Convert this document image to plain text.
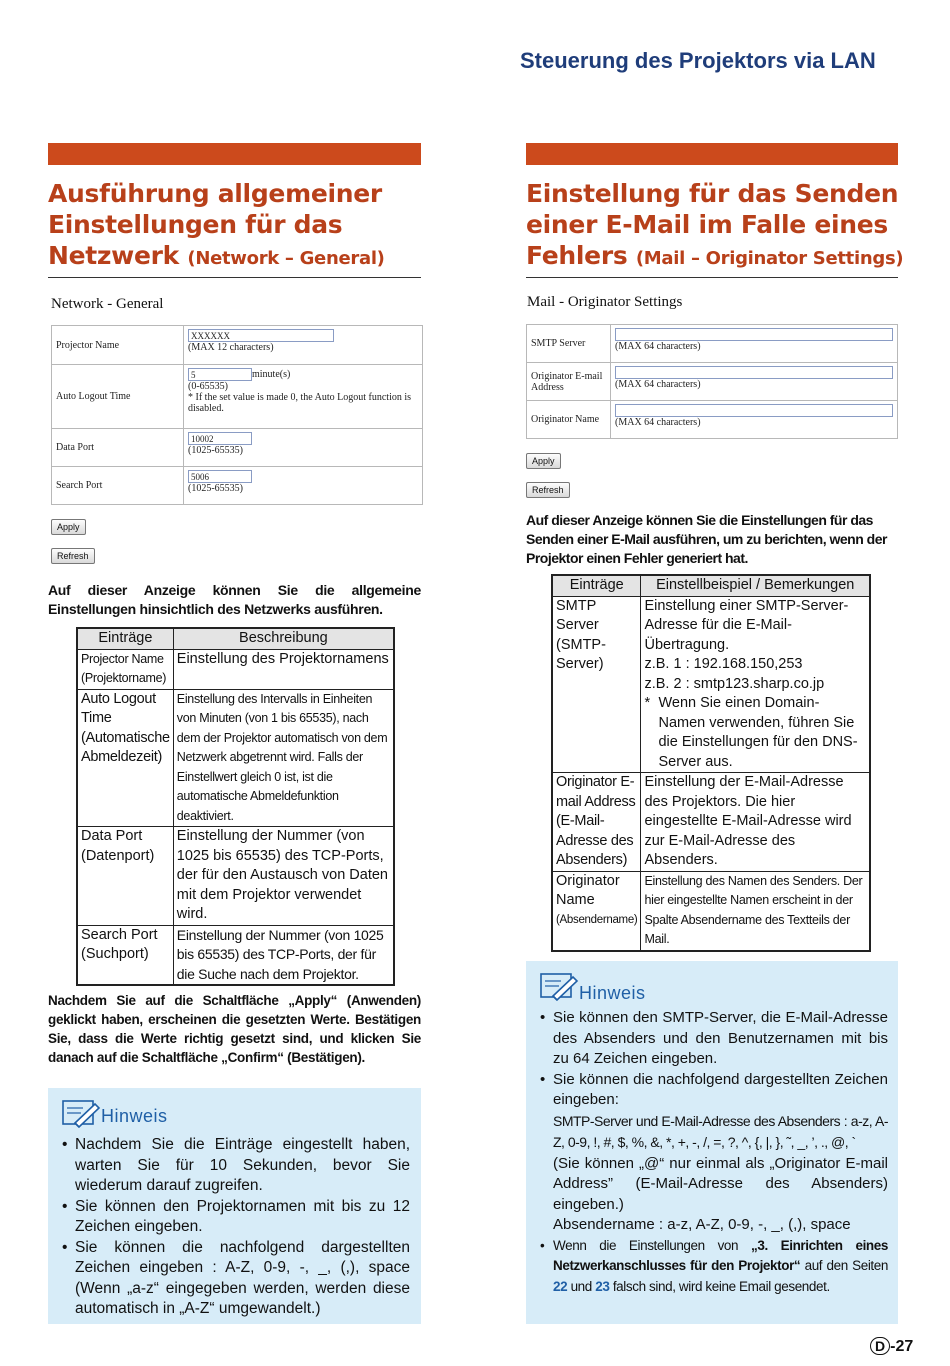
Steuerung des Projektors via LAN
Ausführung allgemeiner Einstellungen für das Netzwerk (Network – General)
Network - General
Projector Name	XXXXXX
(MAX 12 characters)
Auto Logout Time	5 minute(s)
(0-65535)
* If the set value is made 0, the Auto Logout function is disabled.
Data Port	10002
(1025-65535)
Search Port	5006
(1025-65535)
Apply
Refresh
Auf dieser Anzeige können Sie die allgemeine Einstellungen hinsichtlich des Netzwerks ausführen.
Einträge	Beschreibung
Projector Name (Projektorname)	Einstellung des Projektornamens
Auto Logout Time (Automatische Abmeldezeit)	Einstellung des Intervalls in Einheiten von Minuten (von 1 bis 65535), nach dem der Projektor automatisch von dem Netzwerk abgetrennt wird. Falls der Einstellwert gleich 0 ist, ist die automatische Abmeldefunktion deaktiviert.
Data Port (Datenport)	Einstellung der Nummer (von 1025 bis 65535) des TCP-Ports, der für den Austausch von Daten mit dem Projektor verwendet wird.
Search Port (Suchport)	Einstellung der Nummer (von 1025 bis 65535) des TCP-Ports, der für die Suche nach dem Projektor.
Nachdem Sie auf die Schaltfläche „Apply“ (Anwenden) geklickt haben, erscheinen die gesetzten Werte. Bestätigen Sie, dass die Werte richtig gesetzt sind, und klicken Sie danach auf die Schaltfläche „Confirm“ (Bestätigen).
Hinweis
• Nachdem Sie die Einträge eingestellt haben, warten Sie für 10 Sekunden, bevor Sie wiederum darauf zugreifen.
• Sie können den Projektornamen mit bis zu 12 Zeichen eingeben.
• Sie können die nachfolgend dargestellten Zeichen eingeben : A-Z, 0-9, -, _, (,), space (Wenn „a-z“ eingegeben werden, werden diese automatisch in „A-Z“ umgewandelt.)
Einstellung für das Senden einer E-Mail im Falle eines Fehlers (Mail – Originator Settings)
Mail - Originator Settings
SMTP Server	(MAX 64 characters)
Originator E-mail Address	(MAX 64 characters)
Originator Name	(MAX 64 characters)
Apply
Refresh
Auf dieser Anzeige können Sie die Einstellungen für das Senden einer E-Mail ausführen, um zu berichten, wenn der Projektor einen Fehler generiert hat.
Einträge	Einstellbeispiel / Bemerkungen
SMTP Server (SMTP-Server)	Einstellung einer SMTP-Server-Adresse für die E-Mail-Übertragung.
z.B. 1 : 192.168.150,253
z.B. 2 : smtp123.sharp.co.jp
* Wenn Sie einen Domain-Namen verwenden, führen Sie die Einstellungen für den DNS-Server aus.

Originator E-mail Address (E-Mail-Adresse des Absenders)	Einstellung der E-Mail-Adresse des Projektors. Die hier eingestellte E-Mail-Adresse wird zur E-Mail-Adresse des Absenders.

Originator Name
(Absendername)	Einstellung des Namen des Senders. Der hier eingestellte Namen erscheint in der Spalte Absendername des Textteils der Mail.
Hinweis
• Sie können den SMTP-Server, die E-Mail-Adresse des Absenders und den Benutzernamen mit bis zu 64 Zeichen eingeben.
• Sie können die nachfolgend dargestellten Zeichen eingeben:
SMTP-Server und E-Mail-Adresse des Absenders : a-z, A-Z, 0-9, !, #, $, %, &, *, +, -, /, =, ?, ^, {, |, }, ˜, _, ’, ., @, `
(Sie können „@“ nur einmal als „Originator E-mail Address” (E-Mail-Adresse des Absenders) eingeben.)
Absendername : a-z, A-Z, 0-9, -, _, (,), space
• Wenn die Einstellungen von „3. Einrichten eines Netzwerkanschlusses für den Projektor“ auf den Seiten 22 und 23 falsch sind, wird keine Email gesendet.
D -27
